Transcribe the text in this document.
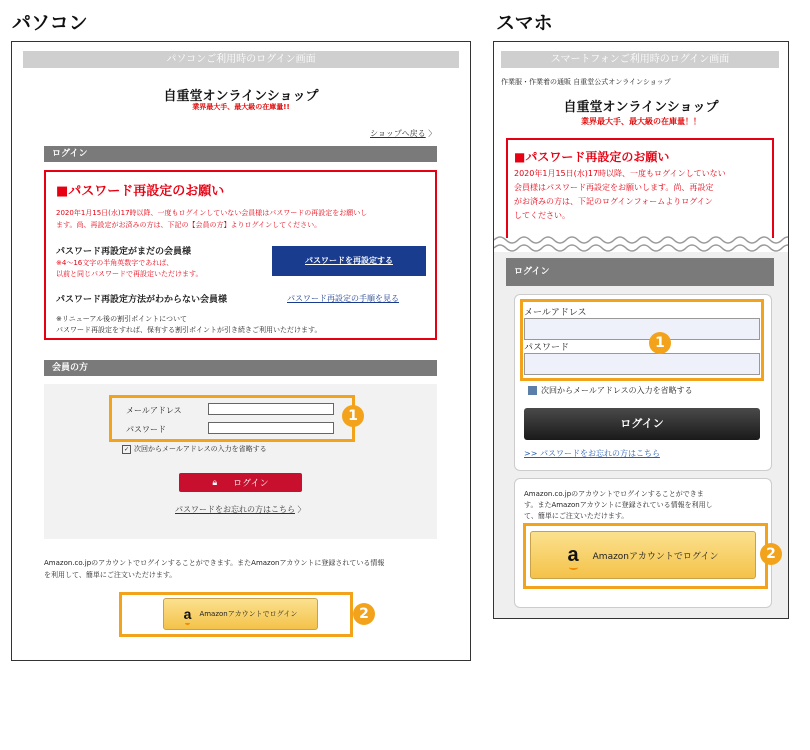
パソコン	スマホ
パソコンご利用時のログイン画面
自重堂オンラインショップ
業界最大手、最大級の在庫量!!
ショップへ戻る 〉
ログイン
■パスワード再設定のお願い
2020年1月15日(水)17時以降、一度もログインしていない会員様はパスワードの再設定をお願いし
ます。尚、再設定がお済みの方は、下記の【会員の方】よりログインしてください。
パスワード再設定がまだの会員様
※4～16文字の半角英数字であれば、
以前と同じパスワードで再設定いただけます。
パスワードを再設定する
パスワード再設定方法がわからない会員様	パスワード再設定の手順を見る
※リニューアル後の割引ポイントについて
パスワード再設定をすれば、保有する割引ポイントが引き続きご利用いただけます。
会員の方
メールアドレス
パスワード
1
✓ 次回からメールアドレスの入力を省略する
🔒︎ ログイン
パスワードをお忘れの方はこちら 〉
Amazon.co.jpのアカウントでログインすることができます。またAmazonアカウントに登録されている情報
を利用して、簡単にご注文いただけます。
a Amazonアカウントでログイン	2
スマートフォンご利用時のログイン画面
作業服・作業着の通販 自重堂公式オンラインショップ
自重堂オンラインショップ
業界最大手、最大級の在庫量！！
■パスワード再設定のお願い
2020年1月15日(水)17時以降、一度もログインしていない
会員様はパスワード再設定をお願いします。尚、再設定
がお済みの方は、下記のログインフォームよりログイン
してください。
ログイン
メールアドレス
パスワード	1
次回からメールアドレスの入力を省略する
ログイン
>> パスワードをお忘れの方はこちら
Amazon.co.jpのアカウントでログインすることができま
す。またAmazonアカウントに登録されている情報を利用し
て、簡単にご注文いただけます。
a Amazonアカウントでログイン	2
